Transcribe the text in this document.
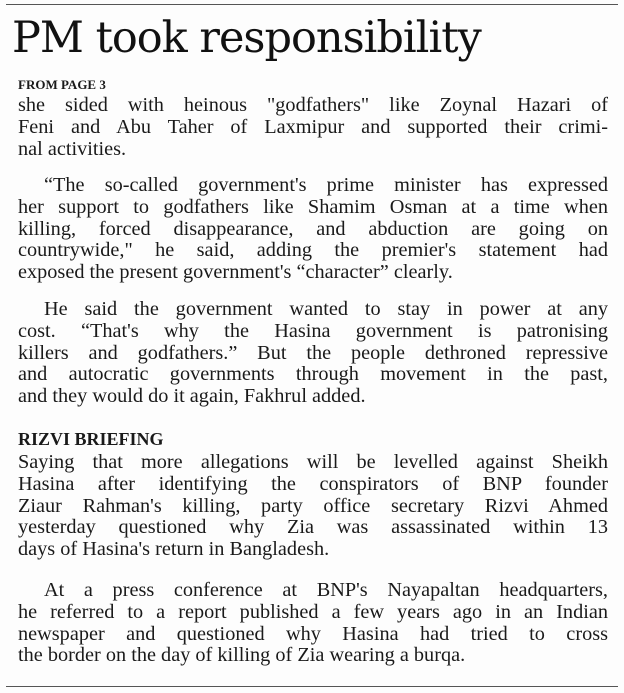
PM took responsibility
FROM PAGE 3
she sided with heinous "godfathers" like Zoynal Hazari of
Feni and Abu Taher of Laxmipur and supported their crimi-
nal activities.
“The so-called government's prime minister has expressed
her support to godfathers like Shamim Osman at a time when
killing, forced disappearance, and abduction are going on
countrywide," he said, adding the premier's statement had
exposed the present government's “character” clearly.
He said the government wanted to stay in power at any
cost. “That's why the Hasina government is patronising
killers and godfathers.” But the people dethroned repressive
and autocratic governments through movement in the past,
and they would do it again, Fakhrul added.
RIZVI BRIEFING
Saying that more allegations will be levelled against Sheikh
Hasina after identifying the conspirators of BNP founder
Ziaur Rahman's killing, party office secretary Rizvi Ahmed
yesterday questioned why Zia was assassinated within 13
days of Hasina's return in Bangladesh.
At a press conference at BNP's Nayapaltan headquarters,
he referred to a report published a few years ago in an Indian
newspaper and questioned why Hasina had tried to cross
the border on the day of killing of Zia wearing a burqa.
